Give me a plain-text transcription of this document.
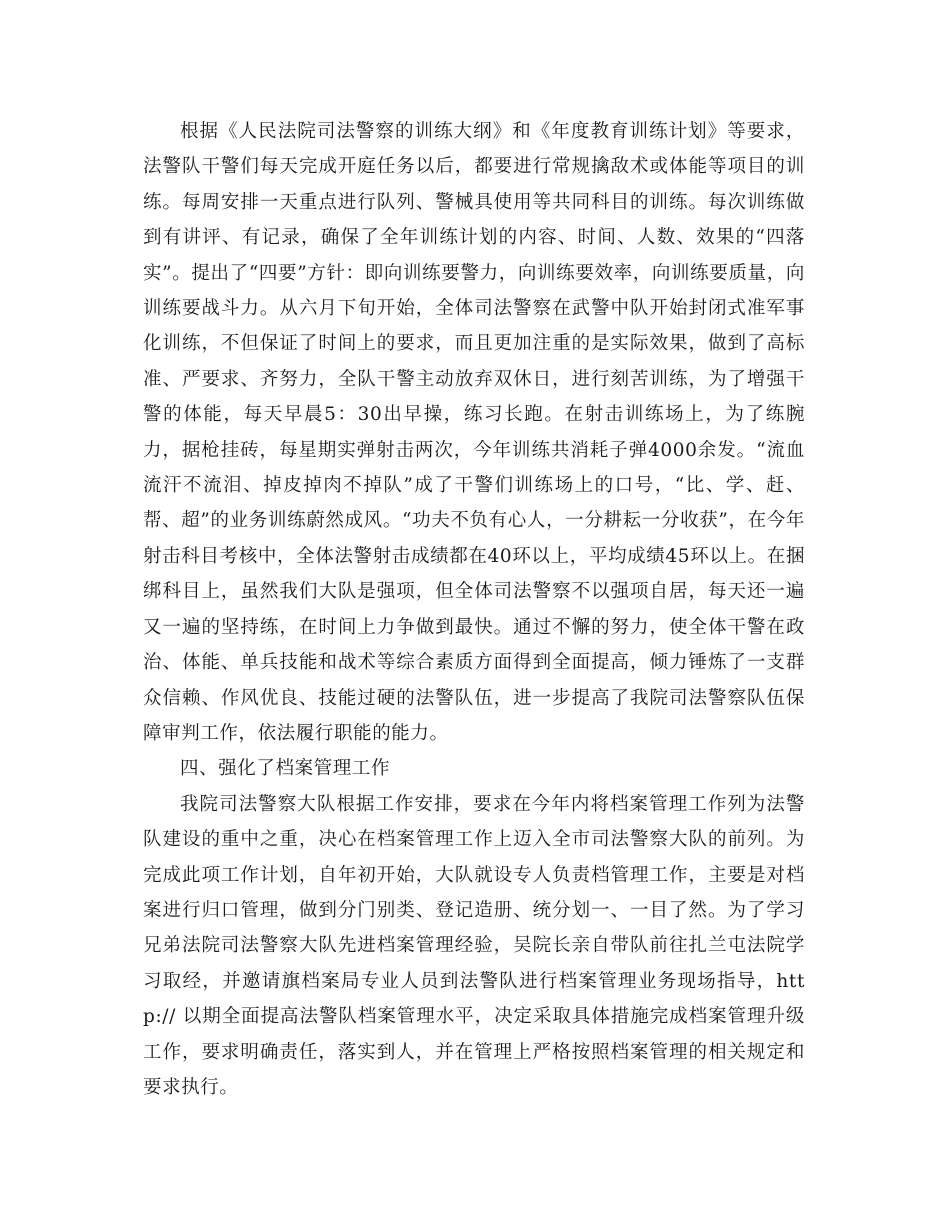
根据《人民法院司法警察的训练大纲》和《年度教育训练计划》等要求，法警队干警们每天完成开庭任务以后，都要进行常规擒敌术或体能等项目的训练。每周安排一天重点进行队列、警械具使用等共同科目的训练。每次训练做到有讲评、有记录，确保了全年训练计划的内容、时间、人数、效果的“四落实”。提出了“四要”方针：即向训练要警力，向训练要效率，向训练要质量，向训练要战斗力。从六月下旬开始，全体司法警察在武警中队开始封闭式准军事化训练，不但保证了时间上的要求，而且更加注重的是实际效果，做到了高标准、严要求、齐努力，全队干警主动放弃双休日，进行刻苦训练，为了增强干警的体能，每天早晨5：30出早操，练习长跑。在射击训练场上，为了练腕力，据枪挂砖，每星期实弹射击两次，今年训练共消耗子弹4000余发。“流血流汗不流泪、掉皮掉肉不掉队”成了干警们训练场上的口号，“比、学、赶、帮、超”的业务训练蔚然成风。“功夫不负有心人，一分耕耘一分收获”，在今年射击科目考核中，全体法警射击成绩都在40环以上，平均成绩45环以上。在捆绑科目上，虽然我们大队是强项，但全体司法警察不以强项自居，每天还一遍又一遍的坚持练，在时间上力争做到最快。通过不懈的努力，使全体干警在政治、体能、单兵技能和战术等综合素质方面得到全面提高，倾力锤炼了一支群众信赖、作风优良、技能过硬的法警队伍，进一步提高了我院司法警察队伍保障审判工作，依法履行职能的能力。

四、强化了档案管理工作

我院司法警察大队根据工作安排，要求在今年内将档案管理工作列为法警队建设的重中之重，决心在档案管理工作上迈入全市司法警察大队的前列。为完成此项工作计划，自年初开始，大队就设专人负责档管理工作，主要是对档案进行归口管理，做到分门别类、登记造册、统分划一、一目了然。为了学习兄弟法院司法警察大队先进档案管理经验，吴院长亲自带队前往扎兰屯法院学习取经，并邀请旗档案局专业人员到法警队进行档案管理业务现场指导，http:// 以期全面提高法警队档案管理水平，决定采取具体措施完成档案管理升级工作，要求明确责任，落实到人，并在管理上严格按照档案管理的相关规定和要求执行。
